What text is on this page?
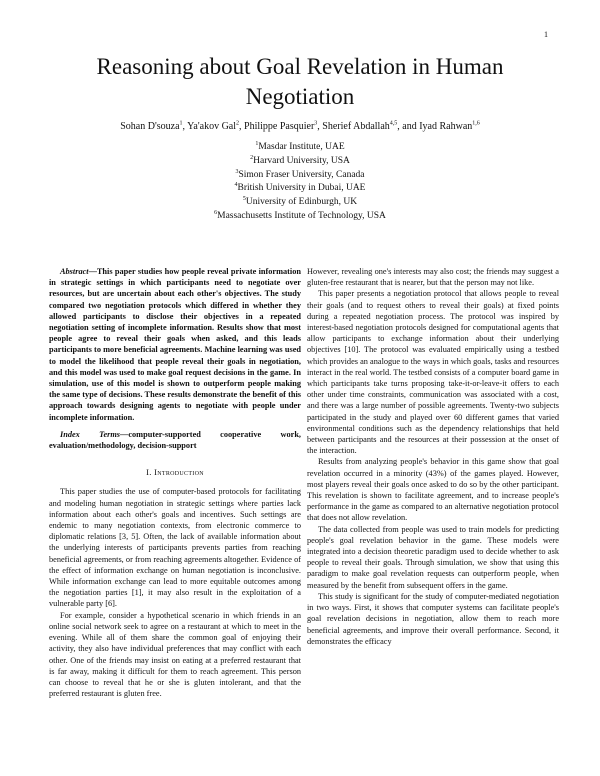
1
Reasoning about Goal Revelation in Human Negotiation
Sohan D'souza$^1$, Ya'akov Gal$^2$, Philippe Pasquier$^3$, Sherief Abdallah$^{4,5}$, and Iyad Rahwan$^{1,6}$
$^1$Masdar Institute, UAE
$^2$Harvard University, USA
$^3$Simon Fraser University, Canada
$^4$British University in Dubai, UAE
$^5$University of Edinburgh, UK
$^6$Massachusetts Institute of Technology, USA

Abstract—This paper studies how people reveal private information in strategic settings in which participants need to negotiate over resources, but are uncertain about each other's objectives. The study compared two negotiation protocols which differed in whether they allowed participants to disclose their objectives in a repeated negotiation setting of incomplete information. Results show that most people agree to reveal their goals when asked, and this leads participants to more beneficial agreements. Machine learning was used to model the likelihood that people reveal their goals in negotiation, and this model was used to make goal request decisions in the game. In simulation, use of this model is shown to outperform people making the same type of decisions. These results demonstrate the benefit of this approach towards designing agents to negotiate with people under incomplete information.

Index Terms—computer-supported cooperative work, evaluation/methodology, decision-support

I. Introduction

This paper studies the use of computer-based protocols for facilitating and modeling human negotiation in strategic settings where parties lack information about each other's goals and incentives. Such settings are endemic to many negotiation contexts, from electronic commerce to diplomatic relations [3, 5]. Often, the lack of available information about the underlying interests of participants prevents parties from reaching beneficial agreements, or from reaching agreements altogether. Evidence of the effect of information exchange on human negotiation is inconclusive. While information exchange can lead to more equitable outcomes among the negotiation parties [1], it may also result in the exploitation of a vulnerable party [6].

For example, consider a hypothetical scenario in which friends in an online social network seek to agree on a restaurant at which to meet in the evening. While all of them share the common goal of enjoying their activity, they also have individual preferences that may conflict with each other. One of the friends may insist on eating at a preferred restaurant that is far away, making it difficult for them to reach agreement. This person can choose to reveal that he or she is gluten intolerant, and that the preferred restaurant is gluten free.

However, revealing one's interests may also cost; the friends may suggest a gluten-free restaurant that is nearer, but that the person may not like.

This paper presents a negotiation protocol that allows people to reveal their goals (and to request others to reveal their goals) at fixed points during a repeated negotiation process. The protocol was inspired by interest-based negotiation protocols designed for computational agents that allow participants to exchange information about their underlying objectives [10]. The protocol was evaluated empirically using a testbed which provides an analogue to the ways in which goals, tasks and resources interact in the real world. The testbed consists of a computer board game in which participants take turns proposing take-it-or-leave-it offers to each other under time constraints, communication was associated with a cost, and there was a large number of possible agreements. Twenty-two subjects participated in the study and played over 60 different games that varied environmental conditions such as the dependency relationships that held between participants and the resources at their possession at the onset of the interaction.

Results from analyzing people's behavior in this game show that goal revelation occurred in a minority (43%) of the games played. However, most players reveal their goals once asked to do so by the other participant. This revelation is shown to facilitate agreement, and to increase people's performance in the game as compared to an alternative negotiation protocol that does not allow revelation.

The data collected from people was used to train models for predicting people's goal revelation behavior in the game. These models were integrated into a decision theoretic paradigm used to decide whether to ask people to reveal their goals. Through simulation, we show that using this paradigm to make goal revelation requests can outperform people, when measured by the benefit from subsequent offers in the game.

This study is significant for the study of computer-mediated negotiation in two ways. First, it shows that computer systems can facilitate people's goal revelation decisions in negotiation, allow them to reach more beneficial agreements, and improve their overall performance. Second, it demonstrates the efficacy
